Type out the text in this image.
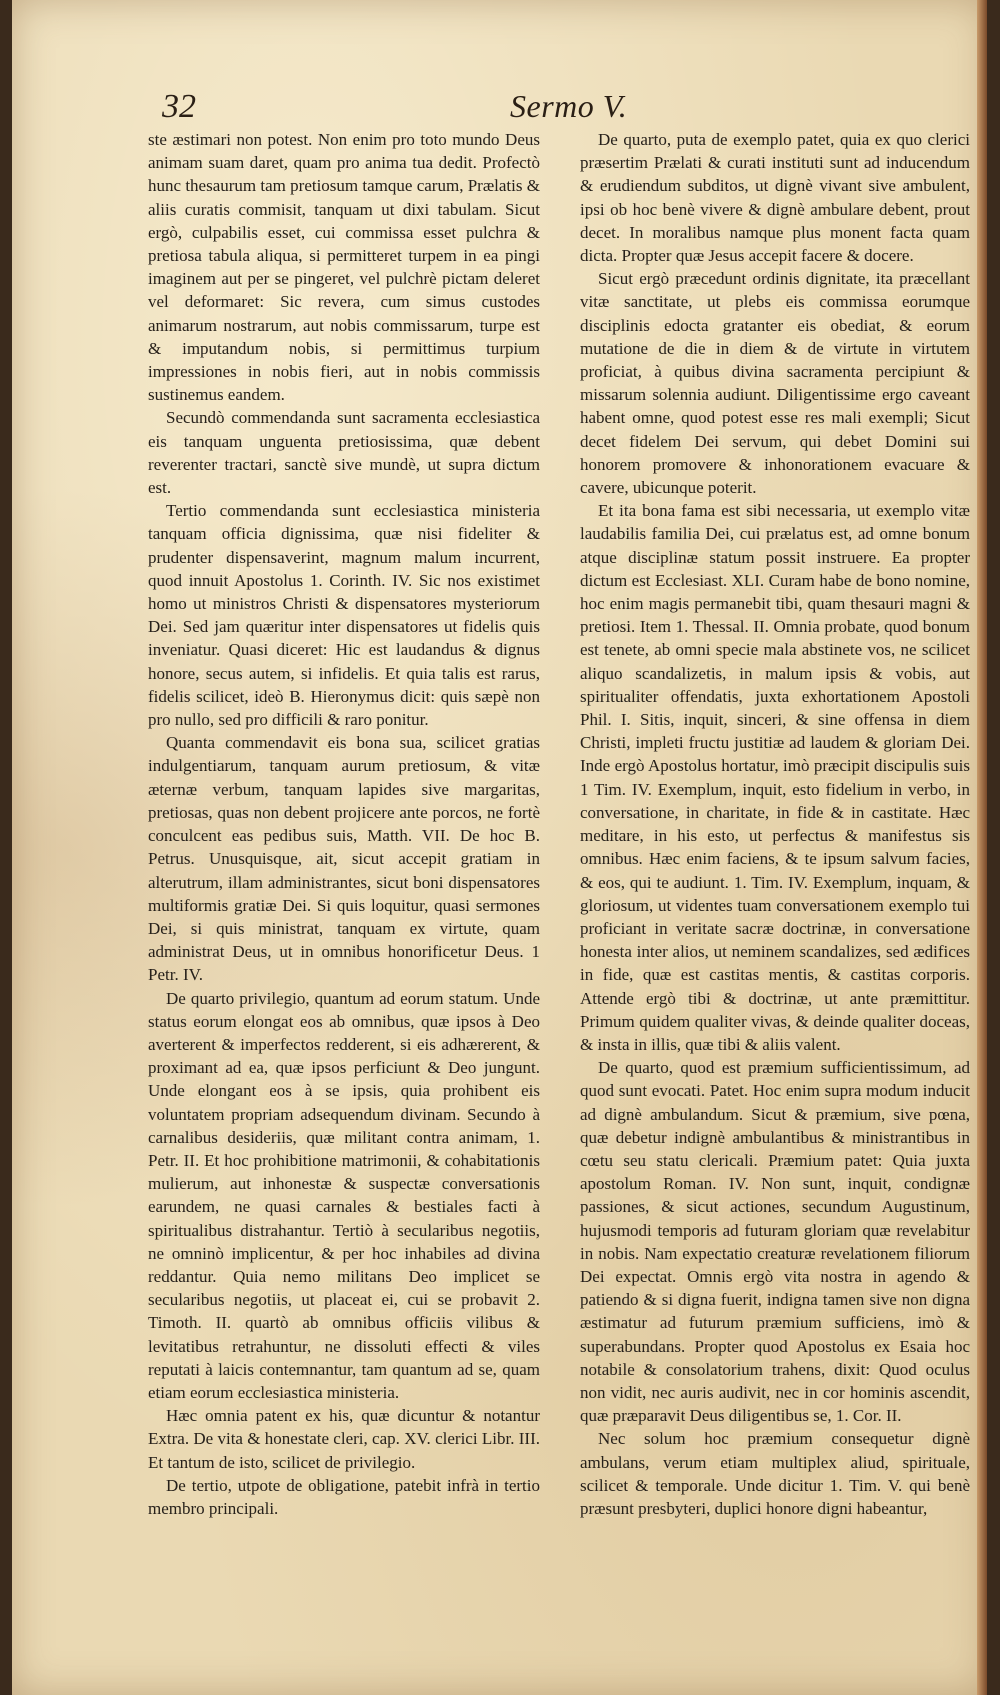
32	Sermo V.

ste æstimari non potest. Non enim pro toto mundo Deus animam suam daret, quam pro anima tua dedit. Profectò hunc thesaurum tam pretiosum tamque carum, Prælatis & aliis curatis commisit, tanquam ut dixi tabulam. Sicut ergò, culpabilis esset, cui commissa esset pulchra & pretiosa tabula aliqua, si permitteret turpem in ea pingi imaginem aut per se pingeret, vel pulchrè pictam deleret vel deformaret: Sic revera, cum simus custodes animarum nostrarum, aut nobis commissarum, turpe est & imputandum nobis, si permittimus turpium impressiones in nobis fieri, aut in nobis commissis sustinemus eandem.

Secundò commendanda sunt sacramenta ecclesiastica eis tanquam unguenta pretiosissima, quæ debent reverenter tractari, sanctè sive mundè, ut supra dictum est.

Tertio commendanda sunt ecclesiastica ministeria tanquam officia dignissima, quæ nisi fideliter & prudenter dispensaverint, magnum malum incurrent, quod innuit Apostolus 1. Corinth. IV. Sic nos existimet homo ut ministros Christi & dispensatores mysteriorum Dei. Sed jam quæritur inter dispensatores ut fidelis quis inveniatur. Quasi diceret: Hic est laudandus & dignus honore, secus autem, si infidelis. Et quia talis est rarus, fidelis scilicet, ideò B. Hieronymus dicit: quis sæpè non pro nullo, sed pro difficili & raro ponitur.

Quanta commendavit eis bona sua, scilicet gratias indulgentiarum, tanquam aurum pretiosum, & vitæ æternæ verbum, tanquam lapides sive margaritas, pretiosas, quas non debent projicere ante porcos, ne fortè conculcent eas pedibus suis, Matth. VII. De hoc B. Petrus. Unusquisque, ait, sicut accepit gratiam in alterutrum, illam administrantes, sicut boni dispensatores multiformis gratiæ Dei. Si quis loquitur, quasi sermones Dei, si quis ministrat, tanquam ex virtute, quam administrat Deus, ut in omnibus honorificetur Deus. 1 Petr. IV.

De quarto privilegio, quantum ad eorum statum. Unde status eorum elongat eos ab omnibus, quæ ipsos à Deo averterent & imperfectos redderent, si eis adhærerent, & proximant ad ea, quæ ipsos perficiunt & Deo jungunt. Unde elongant eos à se ipsis, quia prohibent eis voluntatem propriam adsequendum divinam. Secundo à carnalibus desideriis, quæ militant contra animam, 1. Petr. II. Et hoc prohibitione matrimonii, & cohabitationis mulierum, aut inhonestæ & suspectæ conversationis earundem, ne quasi carnales & bestiales facti à spiritualibus distrahantur. Tertiò à secularibus negotiis, ne omninò implicentur, & per hoc inhabiles ad divina reddantur. Quia nemo militans Deo implicet se secularibus negotiis, ut placeat ei, cui se probavit 2. Timoth. II. quartò ab omnibus officiis vilibus & levitatibus retrahuntur, ne dissoluti effecti & viles reputati à laicis contemnantur, tam quantum ad se, quam etiam eorum ecclesiastica ministeria.

Hæc omnia patent ex his, quæ dicuntur & notantur Extra. De vita & honestate cleri, cap. XV. clerici Libr. III. Et tantum de isto, scilicet de privilegio.

De tertio, utpote de obligatione, patebit infrà in tertio membro principali.

De quarto, puta de exemplo patet, quia ex quo clerici præsertim Prælati & curati instituti sunt ad inducendum & erudiendum subditos, ut dignè vivant sive ambulent, ipsi ob hoc benè vivere & dignè ambulare debent, prout decet. In moralibus namque plus monent facta quam dicta. Propter quæ Jesus accepit facere & docere.

Sicut ergò præcedunt ordinis dignitate, ita præcellant vitæ sanctitate, ut plebs eis commissa eorumque disciplinis edocta gratanter eis obediat, & eorum mutatione de die in diem & de virtute in virtutem proficiat, à quibus divina sacramenta percipiunt & missarum solennia audiunt. Diligentissime ergo caveant habent omne, quod potest esse res mali exempli; Sicut decet fidelem Dei servum, qui debet Domini sui honorem promovere & inhonorationem evacuare & cavere, ubicunque poterit.

Et ita bona fama est sibi necessaria, ut exemplo vitæ laudabilis familia Dei, cui prælatus est, ad omne bonum atque disciplinæ statum possit instruere. Ea propter dictum est Ecclesiast. XLI. Curam habe de bono nomine, hoc enim magis permanebit tibi, quam thesauri magni & pretiosi. Item 1. Thessal. II. Omnia probate, quod bonum est tenete, ab omni specie mala abstinete vos, ne scilicet aliquo scandalizetis, in malum ipsis & vobis, aut spiritualiter offendatis, juxta exhortationem Apostoli Phil. I. Sitis, inquit, sinceri, & sine offensa in diem Christi, impleti fructu justitiæ ad laudem & gloriam Dei. Inde ergò Apostolus hortatur, imò præcipit discipulis suis 1 Tim. IV. Exemplum, inquit, esto fidelium in verbo, in conversatione, in charitate, in fide & in castitate. Hæc meditare, in his esto, ut perfectus & manifestus sis omnibus. Hæc enim faciens, & te ipsum salvum facies, & eos, qui te audiunt. 1. Tim. IV. Exemplum, inquam, & gloriosum, ut videntes tuam conversationem exemplo tui proficiant in veritate sacræ doctrinæ, in conversatione honesta inter alios, ut neminem scandalizes, sed ædifices in fide, quæ est castitas mentis, & castitas corporis. Attende ergò tibi & doctrinæ, ut ante præmittitur. Primum quidem qualiter vivas, & deinde qualiter doceas, & insta in illis, quæ tibi & aliis valent.

De quarto, quod est præmium sufficientissimum, ad quod sunt evocati. Patet. Hoc enim supra modum inducit ad dignè ambulandum. Sicut & præmium, sive pœna, quæ debetur indignè ambulantibus & ministrantibus in cœtu seu statu clericali. Præmium patet: Quia juxta apostolum Roman. IV. Non sunt, inquit, condignæ passiones, & sicut actiones, secundum Augustinum, hujusmodi temporis ad futuram gloriam quæ revelabitur in nobis. Nam expectatio creaturæ revelationem filiorum Dei expectat. Omnis ergò vita nostra in agendo & patiendo & si digna fuerit, indigna tamen sive non digna æstimatur ad futurum præmium sufficiens, imò & superabundans. Propter quod Apostolus ex Esaia hoc notabile & consolatorium trahens, dixit: Quod oculus non vidit, nec auris audivit, nec in cor hominis ascendit, quæ præparavit Deus diligentibus se, 1. Cor. II.

Nec solum hoc præmium consequetur dignè ambulans, verum etiam multiplex aliud, spirituale, scilicet & temporale. Unde dicitur 1. Tim. V. qui benè præsunt presbyteri, duplici honore digni habeantur,
